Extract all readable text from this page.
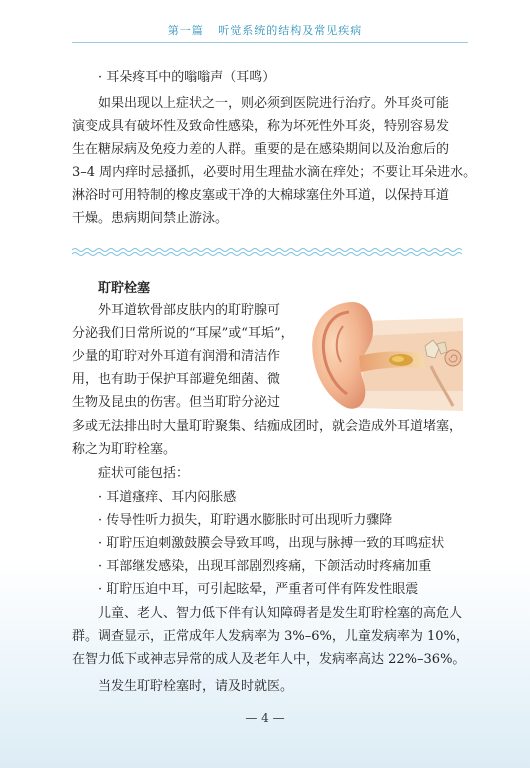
第一篇 听觉系统的结构及常见疾病
· 耳朵疼耳中的嗡嗡声（耳鸣）
如果出现以上症状之一，则必须到医院进行治疗。外耳炎可能
演变成具有破坏性及致命性感染，称为坏死性外耳炎，特别容易发
生在糖尿病及免疫力差的人群。重要的是在感染期间以及治愈后的
3–4 周内痒时忌搔抓，必要时用生理盐水滴在痒处；不要让耳朵进水。
淋浴时可用特制的橡皮塞或干净的大棉球塞住外耳道，以保持耳道
干燥。患病期间禁止游泳。
耵聍栓塞
外耳道软骨部皮肤内的耵聍腺可
分泌我们日常所说的“耳屎”或“耳垢”，
少量的耵聍对外耳道有润滑和清洁作
用，也有助于保护耳部避免细菌、微
生物及昆虫的伤害。但当耵聍分泌过
多或无法排出时大量耵聍聚集、结痂成团时，就会造成外耳道堵塞，
称之为耵聍栓塞。
症状可能包括：
· 耳道瘙痒、耳内闷胀感
· 传导性听力损失，耵聍遇水膨胀时可出现听力骤降
· 耵聍压迫刺激鼓膜会导致耳鸣，出现与脉搏一致的耳鸣症状
· 耳部继发感染，出现耳部剧烈疼痛，下颌活动时疼痛加重
· 耵聍压迫中耳，可引起眩晕，严重者可伴有阵发性眼震
儿童、老人、智力低下伴有认知障碍者是发生耵聍栓塞的高危人
群。调查显示，正常成年人发病率为 3%–6%，儿童发病率为 10%，
在智力低下或神志异常的成人及老年人中，发病率高达 22%–36%。
当发生耵聍栓塞时，请及时就医。
— 4 —
